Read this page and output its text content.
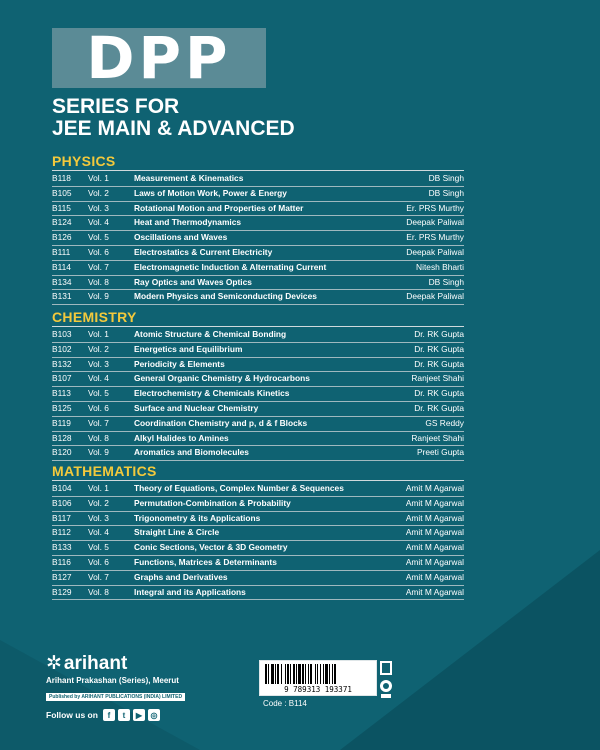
DPP
SERIES FOR
JEE MAIN & ADVANCED
PHYSICS
B118	Vol. 1	Measurement & Kinematics	DB Singh
B105	Vol. 2	Laws of Motion Work, Power & Energy	DB Singh
B115	Vol. 3	Rotational Motion and Properties of Matter	Er. PRS Murthy
B124	Vol. 4	Heat and Thermodynamics	Deepak Paliwal
B126	Vol. 5	Oscillations and Waves	Er. PRS Murthy
B111	Vol. 6	Electrostatics & Current Electricity	Deepak Paliwal
B114	Vol. 7	Electromagnetic Induction & Alternating Current	Nitesh Bharti
B134	Vol. 8	Ray Optics and Waves Optics	DB Singh
B131	Vol. 9	Modern Physics and Semiconducting Devices	Deepak Paliwal
CHEMISTRY
B103	Vol. 1	Atomic Structure & Chemical Bonding	Dr. RK Gupta
B102	Vol. 2	Energetics and Equilibrium	Dr. RK Gupta
B132	Vol. 3	Periodicity & Elements	Dr. RK Gupta
B107	Vol. 4	General Organic Chemistry & Hydrocarbons	Ranjeet Shahi
B113	Vol. 5	Electrochemistry & Chemicals Kinetics	Dr. RK Gupta
B125	Vol. 6	Surface and Nuclear Chemistry	Dr. RK Gupta
B119	Vol. 7	Coordination Chemistry and p, d & f Blocks	GS Reddy
B128	Vol. 8	Alkyl Halides to Amines	Ranjeet Shahi
B120	Vol. 9	Aromatics and Biomolecules	Preeti Gupta
MATHEMATICS
B104	Vol. 1	Theory of Equations, Complex Number & Sequences	Amit M Agarwal
B106	Vol. 2	Permutation-Combination & Probability	Amit M Agarwal
B117	Vol. 3	Trigonometry & its Applications	Amit M Agarwal
B112	Vol. 4	Straight Line & Circle	Amit M Agarwal
B133	Vol. 5	Conic Sections, Vector & 3D Geometry	Amit M Agarwal
B116	Vol. 6	Functions, Matrices & Determinants	Amit M Agarwal
B127	Vol. 7	Graphs and Derivatives	Amit M Agarwal
B129	Vol. 8	Integral and its Applications	Amit M Agarwal
✲ arihant
Arihant Prakashan (Series), Meerut
Published by ARIHANT PUBLICATIONS (INDIA) LIMITED
Follow us on	f	t	▶	◎
9 789313 193371
Code : B114
